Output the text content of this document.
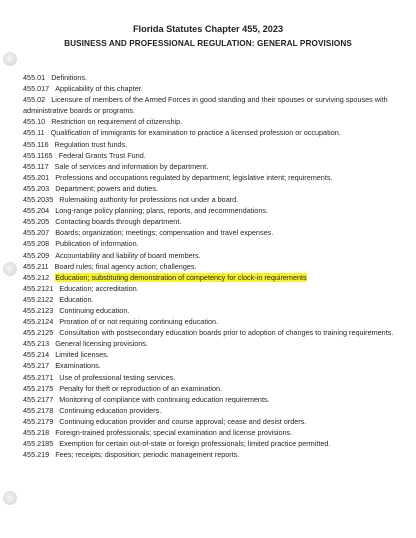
Florida Statutes Chapter 455, 2023
BUSINESS AND PROFESSIONAL REGULATION: GENERAL PROVISIONS
455.01 Definitions.
455.017 Applicability of this chapter.
455.02 Licensure of members of the Armed Forces in good standing and their spouses or surviving spouses with administrative boards or programs.
455.10 Restriction on requirement of citizenship.
455.11 Qualification of immigrants for examination to practice a licensed profession or occupation.
455.116 Regulation trust funds.
455.1165 Federal Grants Trust Fund.
455.117 Sale of services and information by department.
455.201 Professions and occupations regulated by department; legislative intent; requirements.
455.203 Department; powers and duties.
455.2035 Rulemaking authority for professions not under a board.
455.204 Long-range policy planning; plans, reports, and recommendations.
455.205 Contacting boards through department.
455.207 Boards; organization; meetings; compensation and travel expenses.
455.208 Publication of information.
455.209 Accountability and liability of board members.
455.211 Board rules; final agency action; challenges.
455.212 Education; substituting demonstration of competency for clock-in requirements
455.2121 Education; accreditation.
455.2122 Education.
455.2123 Continuing education.
455.2124 Proration of or not requiring continuing education.
455.2125 Consultation with postsecondary education boards prior to adoption of changes to training requirements.
455.213 General licensing provisions.
455.214 Limited licenses.
455.217 Examinations.
455.2171 Use of professional testing services.
455.2175 Penalty for theft or reproduction of an examination.
455.2177 Monitoring of compliance with continuing education requirements.
455.2178 Continuing education providers.
455.2179 Continuing education provider and course approval; cease and desist orders.
455.218 Foreign-trained professionals; special examination and license provisions.
455.2185 Exemption for certain out-of-state or foreign professionals; limited practice permitted.
455.219 Fees; receipts; disposition; periodic management reports.
